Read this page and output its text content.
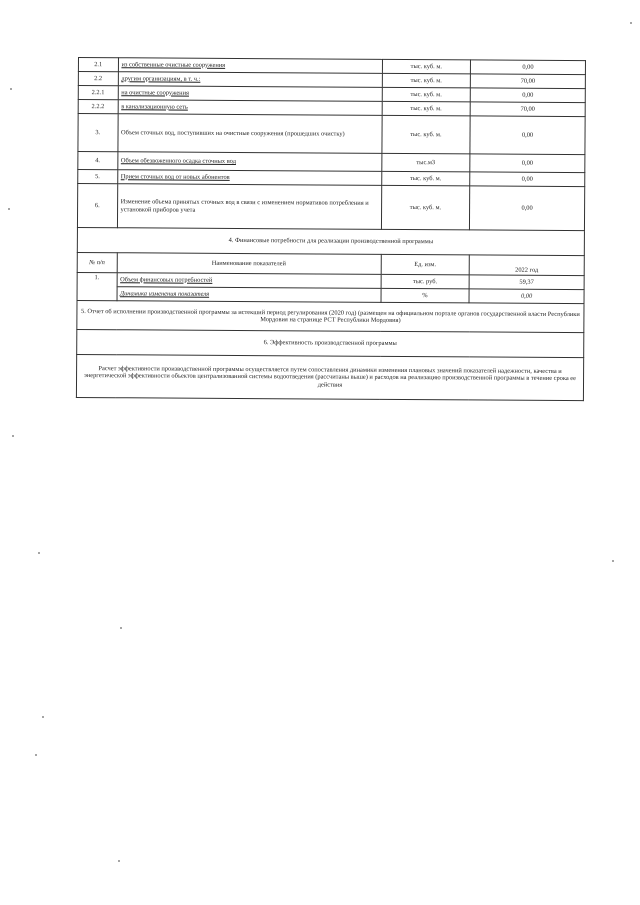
2.1	из собственные очистные сооружения	тыс. куб. м.	0,00
2.2	другим организациям, в т. ч.:	тыс. куб. м.	70,00
2.2.1	на очистные сооружения	тыс. куб. м.	0,00
2.2.2	в канализационную сеть	тыс. куб. м.	70,00
3.	Объем сточных вод, поступивших на очистные сооружения (прошедших очистку)	тыс. куб. м.	0,00
4.	Объем обезвоженного осадка сточных вод	тыс.м3	0,00
5.	Прием сточных вод от новых абонентов	тыс. куб. м.	0,00
6.	Изменение объема принятых сточных вод в связи с изменением нормативов потребления и установкой приборов учета	тыс. куб. м.	0,00
4. Финансовые потребности для реализации производственной программы			
№ п/п	Наименование показателей	Ед. изм.	2022 год
1.	Объем финансовых потребностей	тыс. руб.	59,37
	Динамика изменения показателя	%	0,00
5. Отчет об исполнении производственной программы за истекший период регулирования (2020 год) (размещен на официальном портале органов государственной власти Республики Мордовия на странице РСТ Республики Мордовия)			
6. Эффективность производственной программы			
Расчет эффективности производственной программы осуществляется путем сопоставления динамики изменения плановых значений показателей надежности, качества и энергетической эффективности объектов централизованной системы водоотведения (рассчитаны выше) и расходов на реализацию производственной программы в течение срока ее действия			
